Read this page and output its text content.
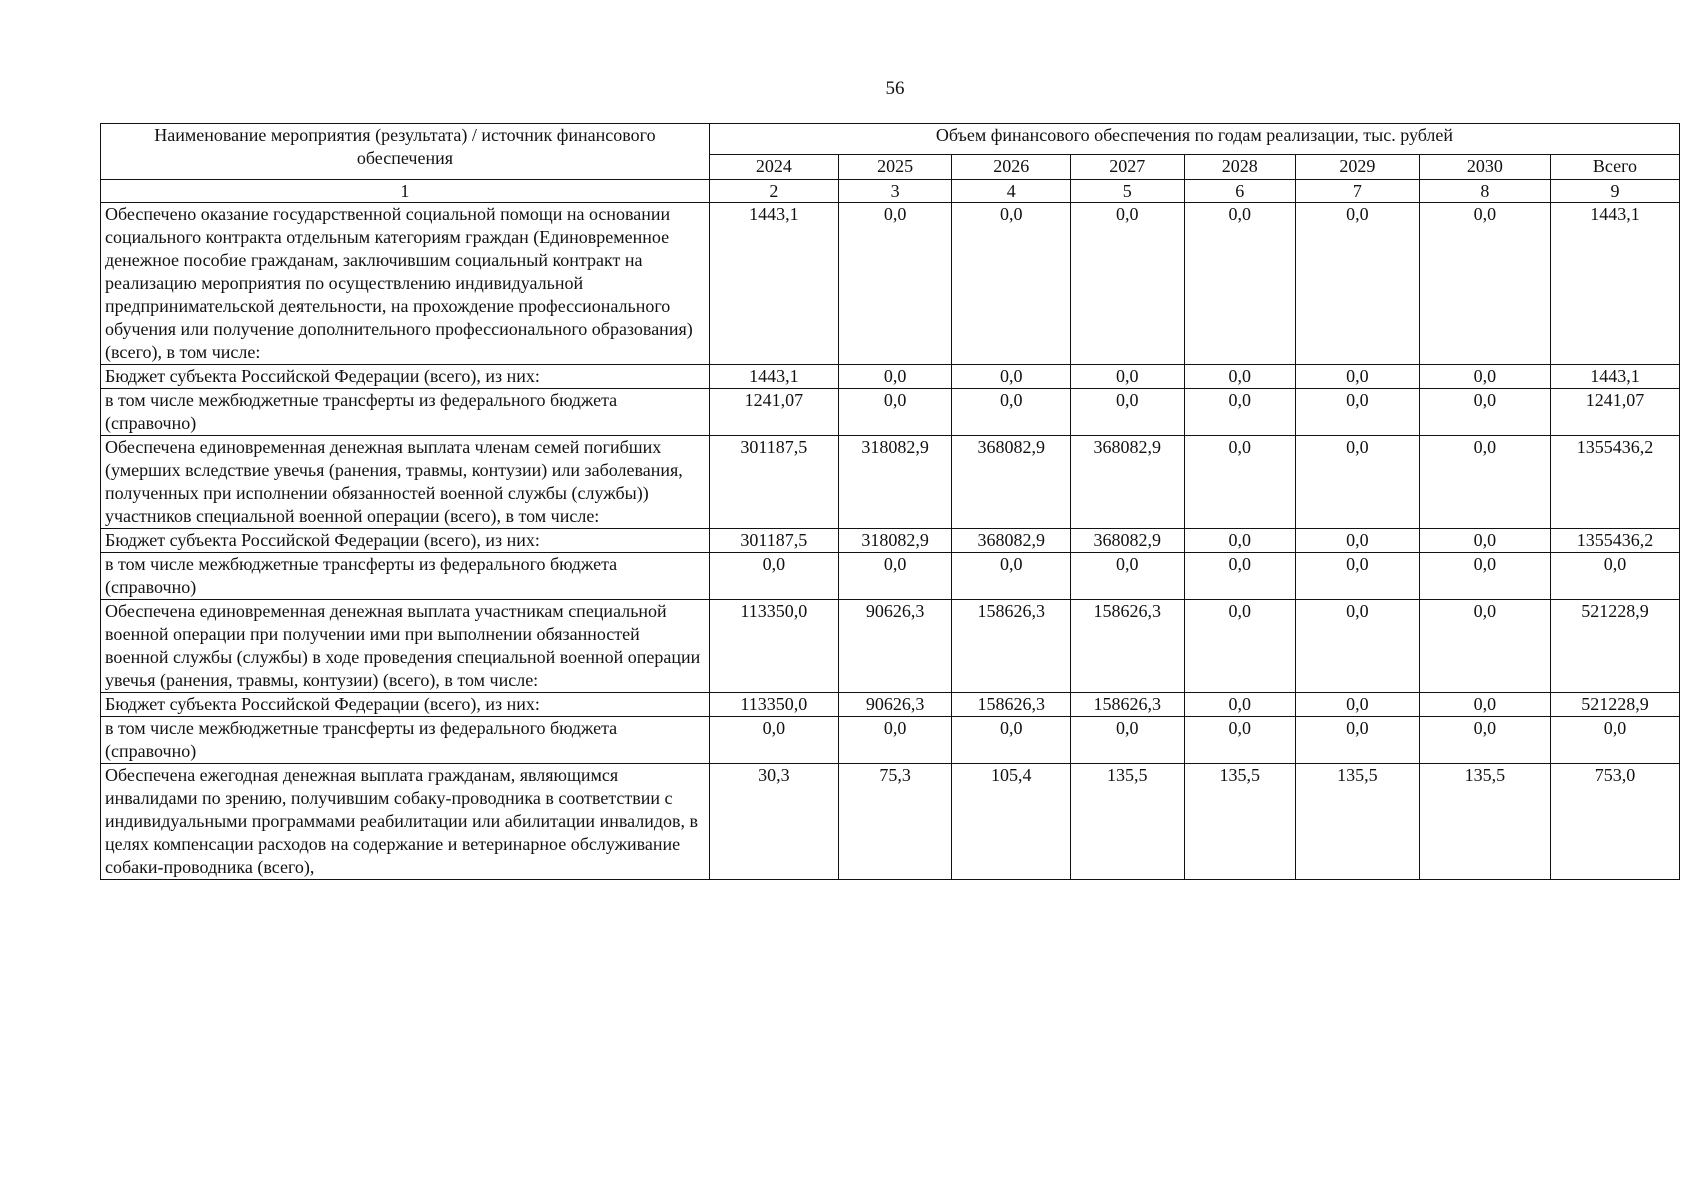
56
Наименование мероприятия (результата) / источник финансового обеспечения	Объем финансового обеспечения по годам реализации, тыс. рублей							
	2024	2025	2026	2027	2028	2029	2030	Всего
1	2	3	4	5	6	7	8	9
Обеспечено оказание государственной социальной помощи на основании социального контракта отдельным категориям граждан (Единовременное денежное пособие гражданам, заключившим социальный контракт на реализацию мероприятия по осуществлению индивидуальной предпринимательской деятельности, на прохождение профессионального обучения или получение дополнительного профессионального образования) (всего), в том числе:	1443,1	0,0	0,0	0,0	0,0	0,0	0,0	1443,1
Бюджет субъекта Российской Федерации (всего), из них:	1443,1	0,0	0,0	0,0	0,0	0,0	0,0	1443,1
в том числе межбюджетные трансферты из федерального бюджета (справочно)	1241,07	0,0	0,0	0,0	0,0	0,0	0,0	1241,07
Обеспечена единовременная денежная выплата членам семей погибших (умерших вследствие увечья (ранения, травмы, контузии) или заболевания, полученных при исполнении обязанностей военной службы (службы)) участников специальной военной операции (всего), в том числе:	301187,5	318082,9	368082,9	368082,9	0,0	0,0	0,0	1355436,2
Бюджет субъекта Российской Федерации (всего), из них:	301187,5	318082,9	368082,9	368082,9	0,0	0,0	0,0	1355436,2
в том числе межбюджетные трансферты из федерального бюджета (справочно)	0,0	0,0	0,0	0,0	0,0	0,0	0,0	0,0
Обеспечена единовременная денежная выплата участникам специальной военной операции при получении ими при выполнении обязанностей военной службы (службы) в ходе проведения специальной военной операции увечья (ранения, травмы, контузии) (всего), в том числе:	113350,0	90626,3	158626,3	158626,3	0,0	0,0	0,0	521228,9
Бюджет субъекта Российской Федерации (всего), из них:	113350,0	90626,3	158626,3	158626,3	0,0	0,0	0,0	521228,9
в том числе межбюджетные трансферты из федерального бюджета (справочно)	0,0	0,0	0,0	0,0	0,0	0,0	0,0	0,0
Обеспечена ежегодная денежная выплата гражданам, являющимся инвалидами по зрению, получившим собаку-проводника в соответствии с индивидуальными программами реабилитации или абилитации инвалидов, в целях компенсации расходов на содержание и ветеринарное обслуживание собаки-проводника (всего),	30,3	75,3	105,4	135,5	135,5	135,5	135,5	753,0
